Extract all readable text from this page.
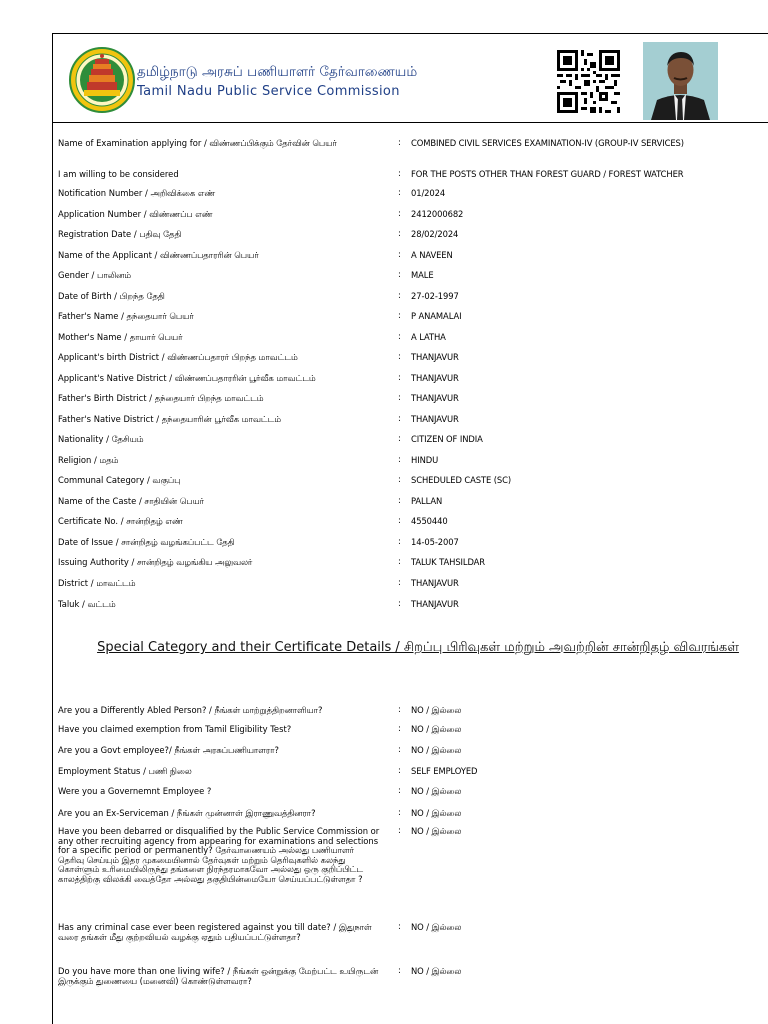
தமிழ்நாடு அரசுப் பணியாளர் தேர்வாணையம்
Tamil Nadu Public Service Commission
Name of Examination applying for / விண்ணப்பிக்கும் தேர்வின் பெயர்	: COMBINED CIVIL SERVICES EXAMINATION-IV (GROUP-IV SERVICES)
I am willing to be considered	: FOR THE POSTS OTHER THAN FOREST GUARD / FOREST WATCHER
Notification Number / அறிவிக்கை எண்	: 01/2024
Application Number / விண்ணப்ப எண்	: 2412000682
Registration Date / பதிவு தேதி	: 28/02/2024
Name of the Applicant / விண்ணப்பதாரரின் பெயர்	: A NAVEEN
Gender / பாலினம்	: MALE
Date of Birth / பிறந்த தேதி	: 27-02-1997
Father's Name / தந்தையார் பெயர்	: P ANAMALAI
Mother's Name / தாயார் பெயர்	: A LATHA
Applicant's birth District / விண்ணப்பதாரர் பிறந்த மாவட்டம்	: THANJAVUR
Applicant's Native District / விண்ணப்பதாரரின் பூர்வீக மாவட்டம்	: THANJAVUR
Father's Birth District / தந்தையார் பிறந்த மாவட்டம்	: THANJAVUR
Father's Native District / தந்தையாரின் பூர்வீக மாவட்டம்	: THANJAVUR
Nationality / தேசியம்	: CITIZEN OF INDIA
Religion / மதம்	: HINDU
Communal Category / வகுப்பு	: SCHEDULED CASTE (SC)
Name of the Caste / சாதியின் பெயர்	: PALLAN
Certificate No. / சான்றிதழ் எண்	: 4550440
Date of Issue / சான்றிதழ் வழங்கப்பட்ட தேதி	: 14-05-2007
Issuing Authority / சான்றிதழ் வழங்கிய அலுவலர்	: TALUK TAHSILDAR
District / மாவட்டம்	: THANJAVUR
Taluk / வட்டம்	: THANJAVUR
Special Category and their Certificate Details / சிறப்பு பிரிவுகள் மற்றும் அவற்றின் சான்றிதழ் விவரங்கள்
Are you a Differently Abled Person? / நீங்கள் மாற்றுத்திறனாளியா?	: NO / இல்லை
Have you claimed exemption from Tamil Eligibility Test?	: NO / இல்லை
Are you a Govt employee?/ நீங்கள் அரசுப்பணியாளரா?	: NO / இல்லை
Employment Status / பணி நிலை	: SELF EMPLOYED
Were you a Governemnt Employee ?	: NO / இல்லை
Are you an Ex-Serviceman / நீங்கள் முன்னாள் இராணுவத்தினரா?	: NO / இல்லை
Have you been debarred or disqualified by the Public Service Commission or any other recruiting agency from appearing for examinations and selections for a specific period or permanently? தேர்வாணையம் அல்லது பணியாளர் தெரிவு செய்யும் இதர முகமையினால் தேர்வுகள் மற்றும் தெரிவுகளில் கலந்து கொள்ளும் உரிமையிலிருந்து தங்களை நிரந்தரமாகவோ அல்லது ஒரு குறிப்பிட்ட காலத்திற்கு விலக்கி வைத்தோ அல்லது தகுதியின்மையோ செய்யப்பட்டுள்ளதா ?
: NO / இல்லை
Has any criminal case ever been registered against you till date? / இதுநாள் வரை தங்கள் மீது குற்றவியல் வழக்கு ஏதும் பதியப்பட்டுள்ளதா?
: NO / இல்லை
Do you have more than one living wife? / நீங்கள் ஒன்றுக்கு மேற்பட்ட உயிருடன் இருக்கும் துணையை (மனைவி) கொண்டுள்ளவரா?
: NO / இல்லை
